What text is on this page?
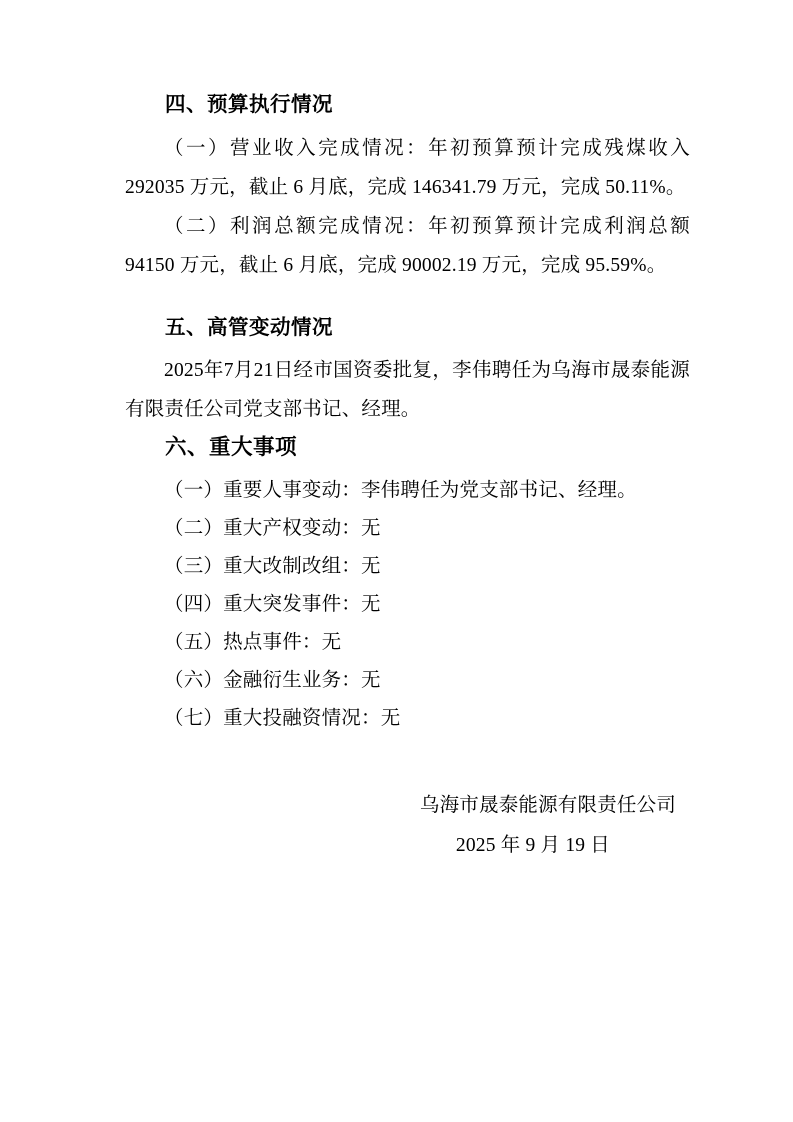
四、预算执行情况

（一）营业收入完成情况：年初预算预计完成残煤收入 292035 万元，截止 6 月底，完成 146341.79 万元，完成 50.11%。

（二）利润总额完成情况：年初预算预计完成利润总额 94150 万元，截止 6 月底，完成 90002.19 万元，完成 95.59%。

五、高管变动情况

2025年7月21日经市国资委批复，李伟聘任为乌海市晟泰能源有限责任公司党支部书记、经理。

六、重大事项

（一）重要人事变动：李伟聘任为党支部书记、经理。

（二）重大产权变动：无

（三）重大改制改组：无

（四）重大突发事件：无

（五）热点事件：无

（六）金融衍生业务：无

（七）重大投融资情况：无

乌海市晟泰能源有限责任公司
2025 年 9 月 19 日
